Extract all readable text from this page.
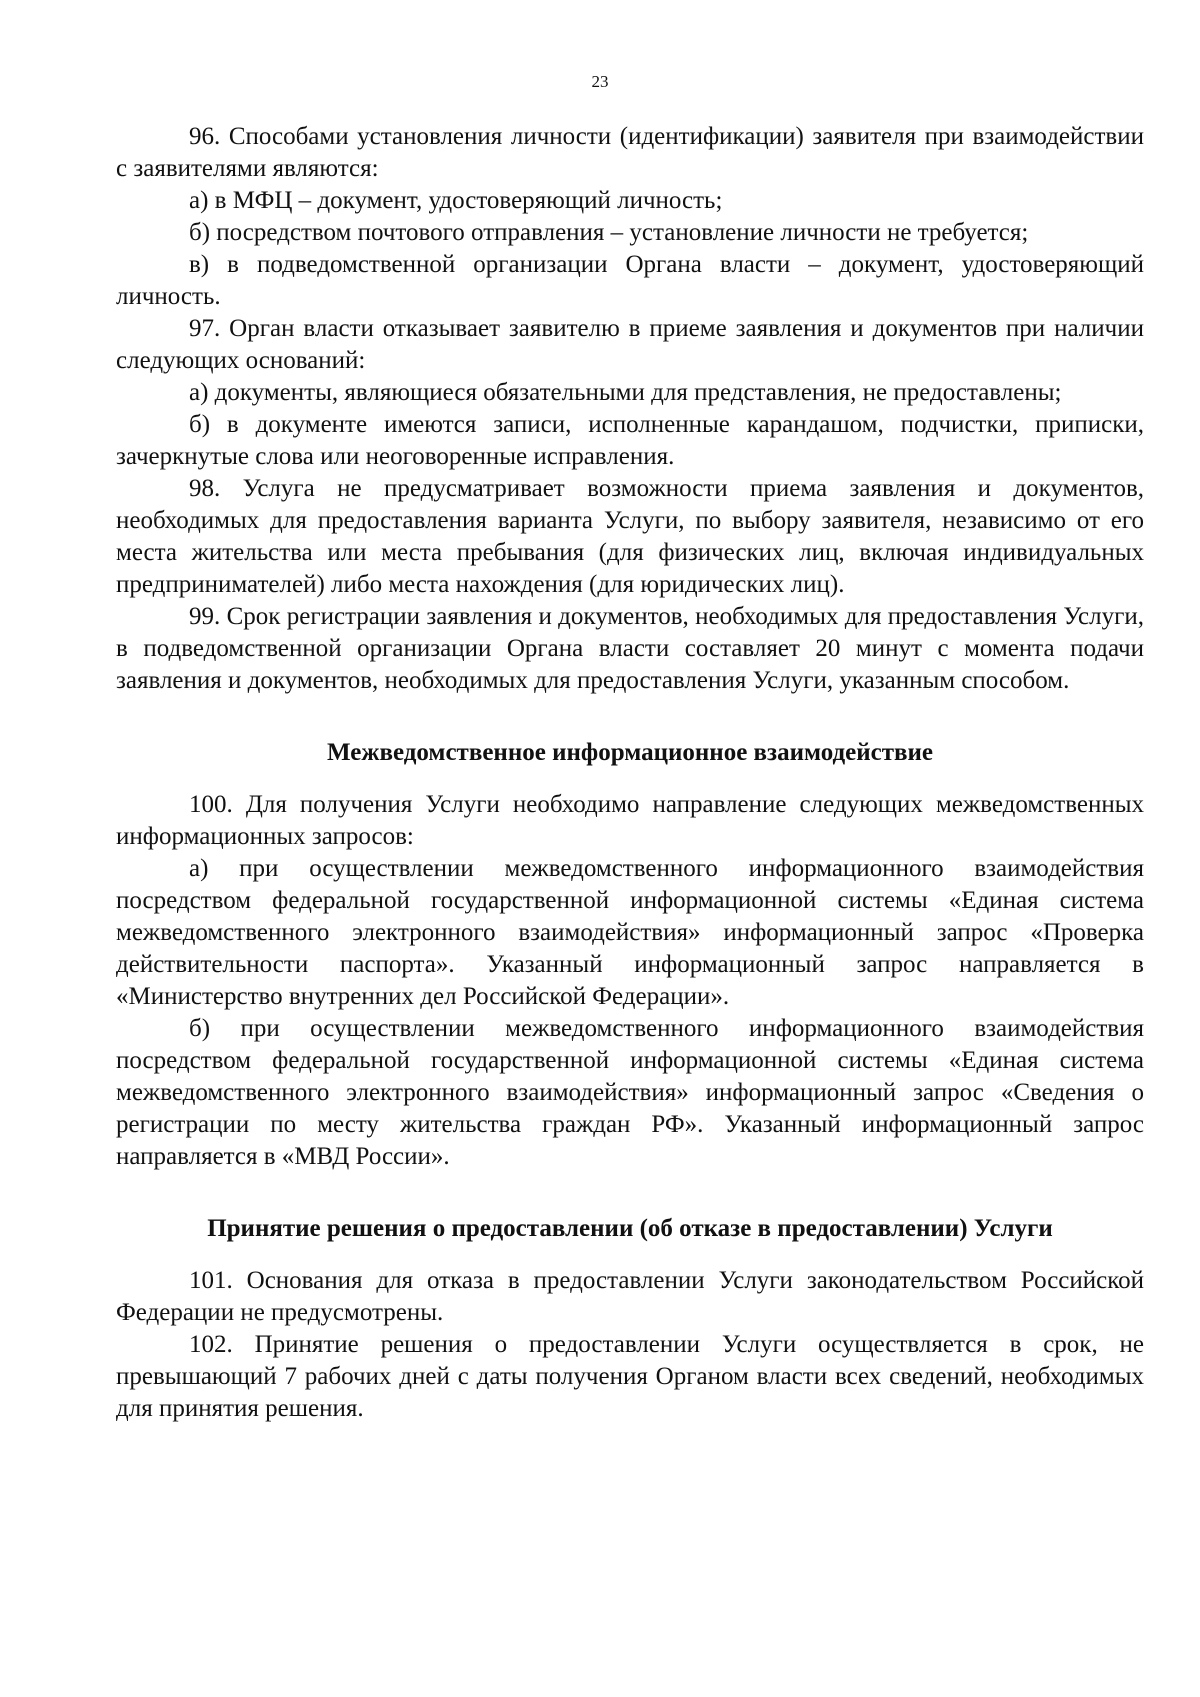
23

96. Способами установления личности (идентификации) заявителя при взаимодействии с заявителями являются:

а) в МФЦ – документ, удостоверяющий личность;

б) посредством почтового отправления – установление личности не требуется;

в) в подведомственной организации Органа власти – документ, удостоверяющий личность.

97. Орган власти отказывает заявителю в приеме заявления и документов при наличии следующих оснований:

а) документы, являющиеся обязательными для представления, не предоставлены;

б) в документе имеются записи, исполненные карандашом, подчистки, приписки, зачеркнутые слова или неоговоренные исправления.

98. Услуга не предусматривает возможности приема заявления и документов, необходимых для предоставления варианта Услуги, по выбору заявителя, независимо от его места жительства или места пребывания (для физических лиц, включая индивидуальных предпринимателей) либо места нахождения (для юридических лиц).

99. Срок регистрации заявления и документов, необходимых для предоставления Услуги, в подведомственной организации Органа власти составляет 20 минут с момента подачи заявления и документов, необходимых для предоставления Услуги, указанным способом.

Межведомственное информационное взаимодействие

100. Для получения Услуги необходимо направление следующих межведомственных информационных запросов:

а) при осуществлении межведомственного информационного взаимодействия посредством федеральной государственной информационной системы «Единая система межведомственного электронного взаимодействия» информационный запрос «Проверка действительности паспорта». Указанный информационный запрос направляется в «Министерство внутренних дел Российской Федерации».

б) при осуществлении межведомственного информационного взаимодействия посредством федеральной государственной информационной системы «Единая система межведомственного электронного взаимодействия» информационный запрос «Сведения о регистрации по месту жительства граждан РФ». Указанный информационный запрос направляется в «МВД России».

Принятие решения о предоставлении (об отказе в предоставлении) Услуги

101. Основания для отказа в предоставлении Услуги законодательством Российской Федерации не предусмотрены.

102. Принятие решения о предоставлении Услуги осуществляется в срок, не превышающий 7 рабочих дней с даты получения Органом власти всех сведений, необходимых для принятия решения.
